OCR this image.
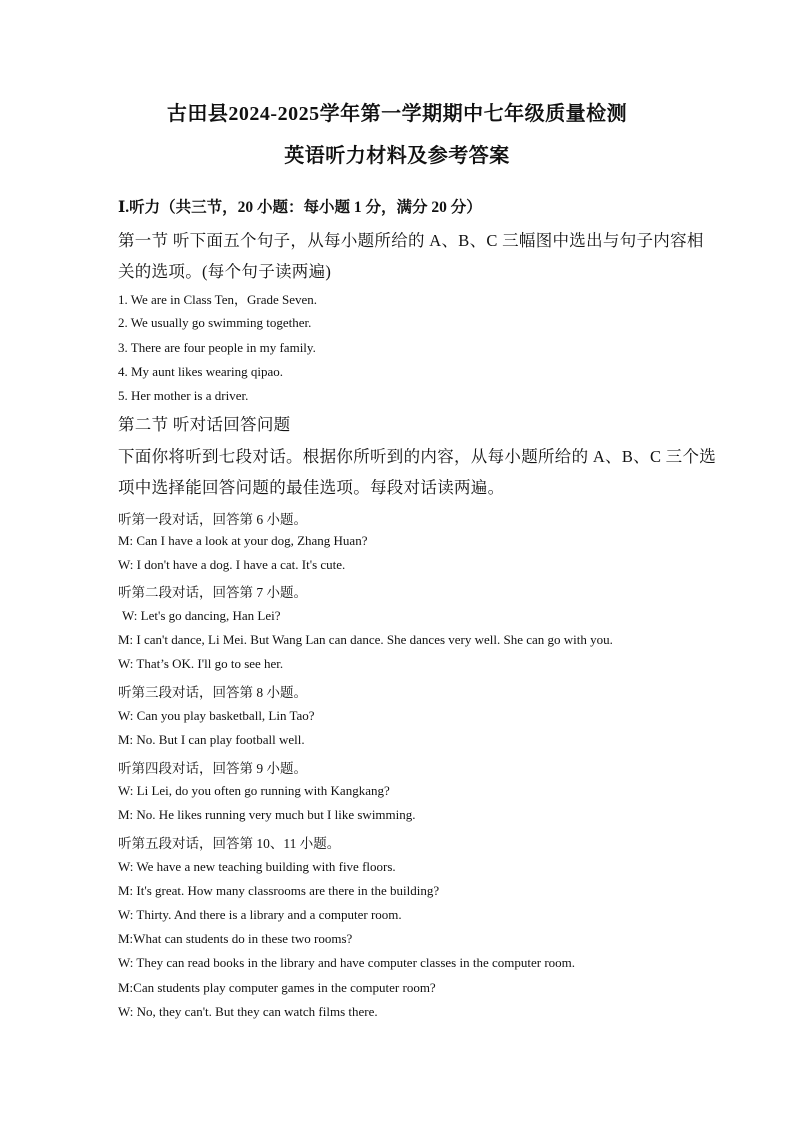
古田县2024-2025学年第一学期期中七年级质量检测
英语听力材料及参考答案
Ⅰ.听力（共三节，20 小题：每小题 1 分，满分 20 分）
第一节 听下面五个句子，从每小题所给的 A、B、C 三幅图中选出与句子内容相
关的选项。(每个句子读两遍)
1. We are in Class Ten，Grade Seven.
2. We usually go swimming together.
3. There are four people in my family.
4. My aunt likes wearing qipao.
5. Her mother is a driver.
第二节 听对话回答问题
下面你将听到七段对话。根据你所听到的内容，从每小题所给的 A、B、C 三个选
项中选择能回答问题的最佳选项。每段对话读两遍。
听第一段对话，回答第 6 小题。
M: Can I have a look at your dog, Zhang Huan?
W: I don't have a dog. I have a cat. It's cute.
听第二段对话，回答第 7 小题。
W: Let's go dancing, Han Lei?
M: I can't dance, Li Mei. But Wang Lan can dance. She dances very well. She can go with you.
W: That’s OK. I'll go to see her.
听第三段对话，回答第 8 小题。
W: Can you play basketball, Lin Tao?
M: No. But I can play football well.
听第四段对话，回答第 9 小题。
W: Li Lei, do you often go running with Kangkang?
M: No. He likes running very much but I like swimming.
听第五段对话，回答第 10、11 小题。
W: We have a new teaching building with five floors.
M: It's great. How many classrooms are there in the building?
W: Thirty. And there is a library and a computer room.
M:What can students do in these two rooms?
W: They can read books in the library and have computer classes in the computer room.
M:Can students play computer games in the computer room?
W: No, they can't. But they can watch films there.
